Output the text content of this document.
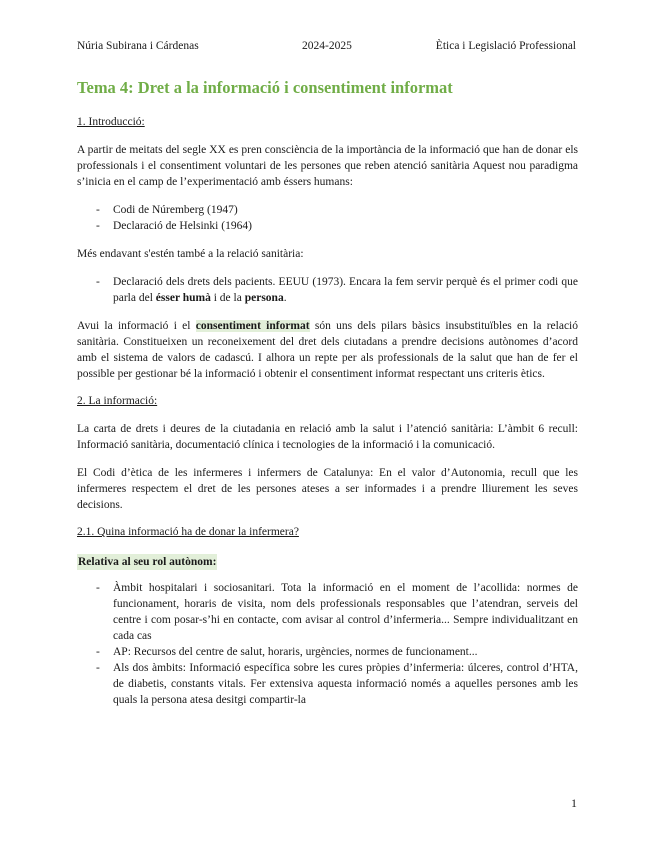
Núria Subirana i Cárdenas	2024-2025	Ètica i Legislació Professional
Tema 4: Dret a la informació i consentiment informat
1. Introducció:

A partir de meitats del segle XX es pren consciència de la importància de la informació que han de donar els professionals i el consentiment voluntari de les persones que reben atenció sanitària Aquest nou paradigma s’inicia en el camp de l’experimentació amb éssers humans:

- Codi de Núremberg (1947)
- Declaració de Helsinki (1964)

Més endavant s'estén també a la relació sanitària:

- Declaració dels drets dels pacients. EEUU (1973). Encara la fem servir perquè és el primer codi que parla del ésser humà i de la persona.

Avui la informació i el consentiment informat són uns dels pilars bàsics insubstituïbles en la relació sanitària. Constitueixen un reconeixement del dret dels ciutadans a prendre decisions autònomes d’acord amb el sistema de valors de cadascú. I alhora un repte per als professionals de la salut que han de fer el possible per gestionar bé la informació i obtenir el consentiment informat respectant uns criteris ètics.

2. La informació:

La carta de drets i deures de la ciutadania en relació amb la salut i l’atenció sanitària: L’àmbit 6 recull: Informació sanitària, documentació clínica i tecnologies de la informació i la comunicació.

El Codi d’ètica de les infermeres i infermers de Catalunya: En el valor d’Autonomia, recull que les infermeres respectem el dret de les persones ateses a ser informades i a prendre lliurement les seves decisions.

2.1. Quina informació ha de donar la infermera?
Relativa al seu rol autònom:
- Àmbit hospitalari i sociosanitari. Tota la informació en el moment de l’acollida: normes de funcionament, horaris de visita, nom dels professionals responsables que l’atendran, serveis del centre i com posar-s’hi en contacte, com avisar al control d’infermeria... Sempre individualitzant en cada cas
- AP: Recursos del centre de salut, horaris, urgències, normes de funcionament...
- Als dos àmbits: Informació específica sobre les cures pròpies d’infermeria: úlceres, control d’HTA, de diabetis, constants vitals. Fer extensiva aquesta informació només a aquelles persones amb les quals la persona atesa desitgi compartir-la
1
